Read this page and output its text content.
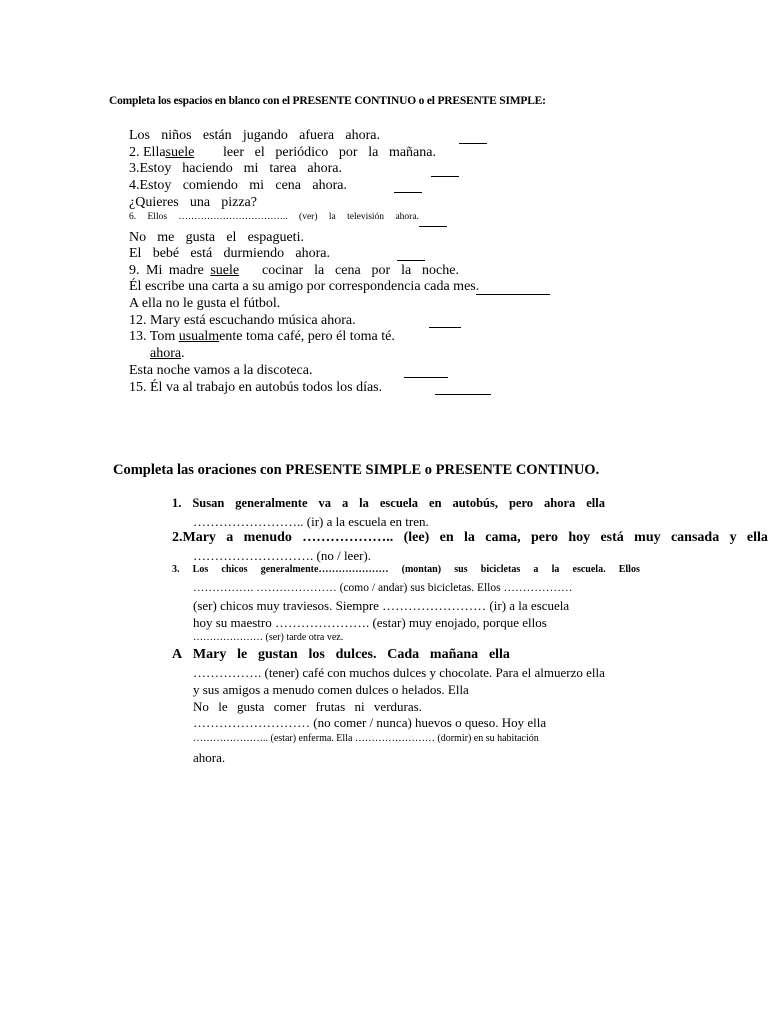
Completa los espacios en blanco con el PRESENTE CONTINUO o el PRESENTE SIMPLE:
Los niños están jugando afuera ahora.
2. Ellasuele leer el periódico por la mañana.
3.Estoy haciendo mi tarea ahora.
4.Estoy comiendo mi cena ahora.
¿Quieres una pizza?
6. Ellos …………………………….. (ver) la televisión ahora.
No me gusta el espagueti.
El bebé está durmiendo ahora.
9. Mi madre suele cocinar la cena por la noche.
Él escribe una carta a su amigo por correspondencia cada mes.
A ella no le gusta el fútbol.
12. Mary está escuchando música ahora.
13. Tom usualmente toma café, pero él toma té.
ahora.
Esta noche vamos a la discoteca.
15. Él va al trabajo en autobús todos los días.
Completa las oraciones con PRESENTE SIMPLE o PRESENTE CONTINUO.
1. Susan generalmente va a la escuela en autobús, pero ahora ella
…………………….. (ir) a la escuela en tren.
2.Mary a menudo ……………….. (lee) en la cama, pero hoy está muy cansada y ella
………………………. (no / leer).
3. Los chicos generalmente………………… (montan) sus bicicletas a la escuela. Ellos
……………. ………………… (como / andar) sus bicicletas. Ellos ………………
(ser) chicos muy traviesos. Siempre …………………… (ir) a la escuela
hoy su maestro …………………. (estar) muy enojado, porque ellos
………………… (ser) tarde otra vez.
A Mary le gustan los dulces. Cada mañana ella
……………. (tener) café con muchos dulces y chocolate. Para el almuerzo ella
y sus amigos a menudo comen dulces o helados. Ella
No le gusta comer frutas ni verduras.
……………………… (no comer / nunca) huevos o queso. Hoy ella
………………….. (estar) enferma. Ella …………………… (dormir) en su habitación
ahora.
